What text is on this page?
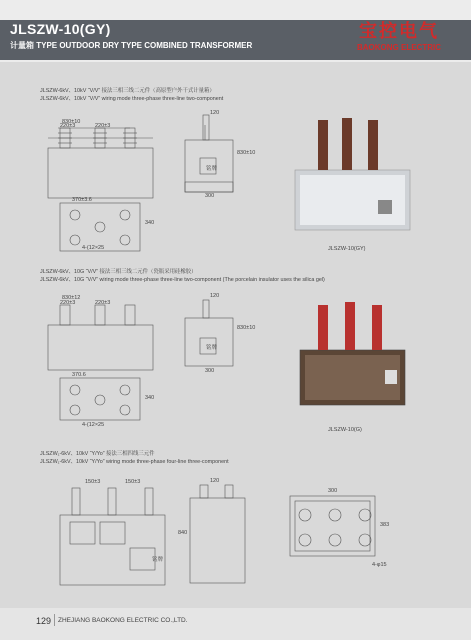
JLSZW-10(GY)
计量箱 TYPE OUTDOOR DRY TYPE COMBINED TRANSFORMER
宝控电气
BAOKONG ELECTRIC
JLSZW-6kV、10kV “V/V” 接法三相三线二元件（高原型户外干式计量箱）
JLSZW-6kV、10kV “V/V” wiring mode three-phase three-line two-component
830±10
220±3	220±3
120
830±10
300
铭牌
370±3.6
340
4-(12×25	JLSZW-10(GY)
JLSZW-6kV、10G “V/V” 接法三相三线二元件（瓷瓶采用硅橡胶）
JLSZW-6kV、10G “V/V” wiring mode three-phase three-line two-component (The porcelain insulator uses the silica gel)
830±12
220±3	220±3
120
830±10
300
铭牌
370.6
340
4-(12×25
JLSZW-10(G)
JLSZW₁-6kV、10kV “Y/Yo” 接法三相四线三元件
JLSZW₁-6kV、10kV “Y/Yo” wiring mode three-phase four-line three-component
150±3	150±3	120
840
铭牌
300
383
4-φ15
129 ZHEJIANG BAOKONG ELECTRIC CO.,LTD.
